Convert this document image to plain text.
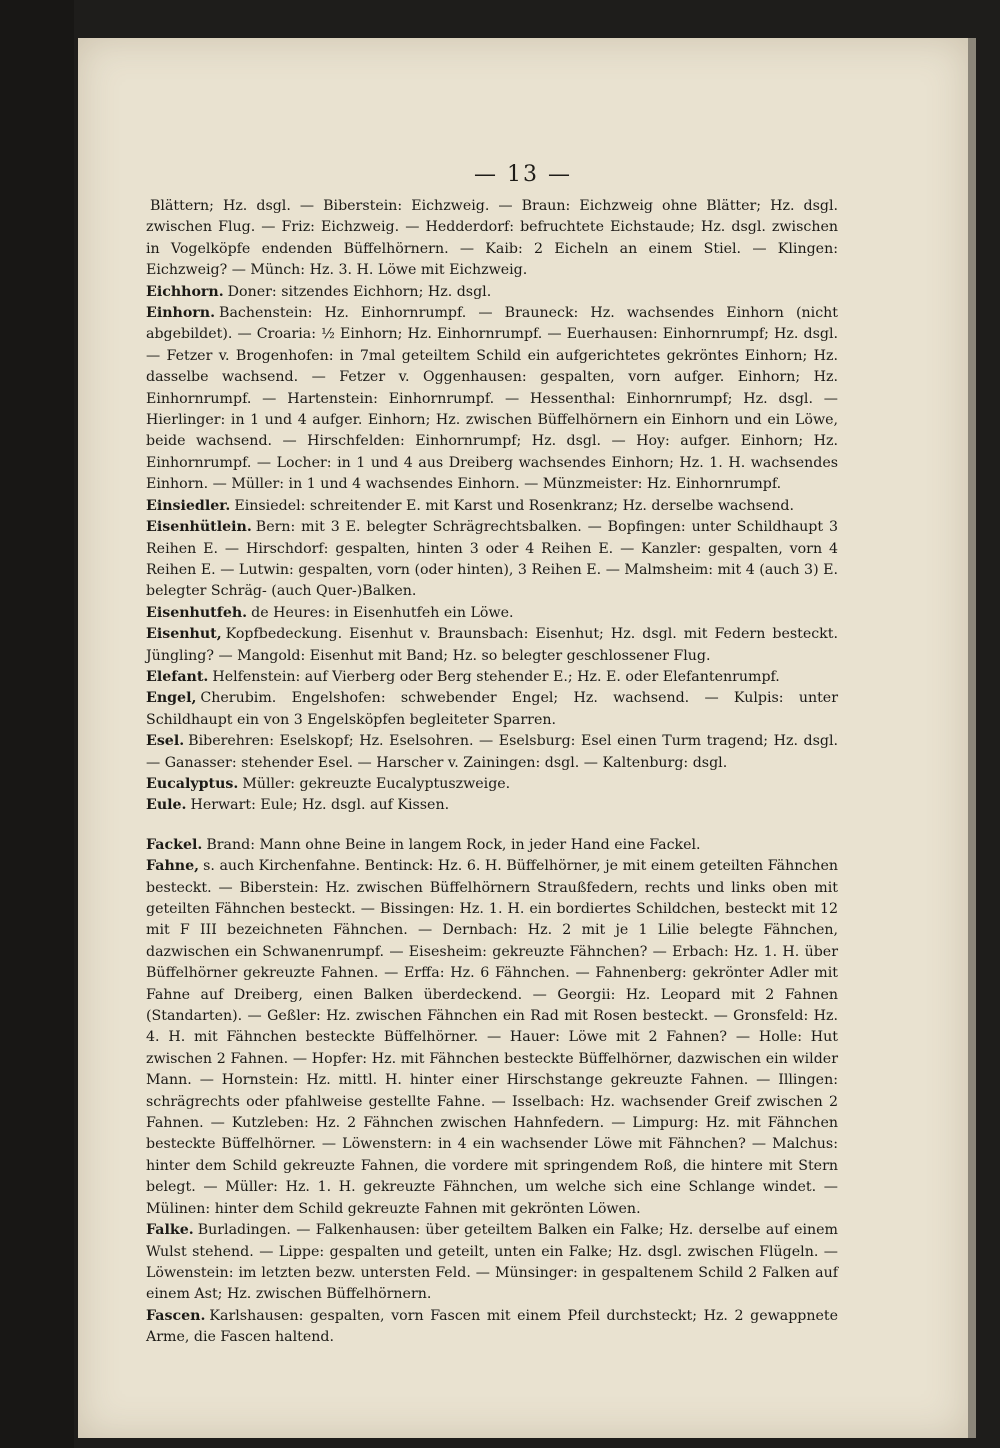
— 13 —

Blättern; Hz. dsgl. — Biberstein: Eichzweig. — Braun: Eichzweig ohne Blätter; Hz. dsgl. zwischen Flug. — Friz: Eichzweig. — Hedderdorf: befruchtete Eichstaude; Hz. dsgl. zwischen in Vogelköpfe endenden Büffelhörnern. — Kaib: 2 Eicheln an einem Stiel. — Klingen: Eichzweig? — Münch: Hz. 3. H. Löwe mit Eichzweig.

Eichhorn. Doner: sitzendes Eichhorn; Hz. dsgl.

Einhorn. Bachenstein: Hz. Einhornrumpf. — Brauneck: Hz. wachsendes Einhorn (nicht abgebildet). — Croaria: ½ Einhorn; Hz. Einhornrumpf. — Euerhausen: Einhornrumpf; Hz. dsgl. — Fetzer v. Brogenhofen: in 7mal geteiltem Schild ein aufgerichtetes gekröntes Einhorn; Hz. dasselbe wachsend. — Fetzer v. Oggenhausen: gespalten, vorn aufger. Einhorn; Hz. Einhornrumpf. — Hartenstein: Einhornrumpf. — Hessenthal: Einhornrumpf; Hz. dsgl. — Hierlinger: in 1 und 4 aufger. Einhorn; Hz. zwischen Büffelhörnern ein Einhorn und ein Löwe, beide wachsend. — Hirschfelden: Einhornrumpf; Hz. dsgl. — Hoy: aufger. Einhorn; Hz. Einhornrumpf. — Locher: in 1 und 4 aus Dreiberg wachsendes Einhorn; Hz. 1. H. wachsendes Einhorn. — Müller: in 1 und 4 wachsendes Einhorn. — Münzmeister: Hz. Einhornrumpf.

Einsiedler. Einsiedel: schreitender E. mit Karst und Rosenkranz; Hz. derselbe wachsend.

Eisenhütlein. Bern: mit 3 E. belegter Schrägrechtsbalken. — Bopfingen: unter Schildhaupt 3 Reihen E. — Hirschdorf: gespalten, hinten 3 oder 4 Reihen E. — Kanzler: gespalten, vorn 4 Reihen E. — Lutwin: gespalten, vorn (oder hinten), 3 Reihen E. — Malmsheim: mit 4 (auch 3) E. belegter Schräg- (auch Quer-)Balken.

Eisenhutfeh. de Heures: in Eisenhutfeh ein Löwe.

Eisenhut, Kopfbedeckung. Eisenhut v. Braunsbach: Eisenhut; Hz. dsgl. mit Federn besteckt. Jüngling? — Mangold: Eisenhut mit Band; Hz. so belegter geschlossener Flug.

Elefant. Helfenstein: auf Vierberg oder Berg stehender E.; Hz. E. oder Elefantenrumpf.

Engel, Cherubim. Engelshofen: schwebender Engel; Hz. wachsend. — Kulpis: unter Schildhaupt ein von 3 Engelsköpfen begleiteter Sparren.

Esel. Biberehren: Eselskopf; Hz. Eselsohren. — Eselsburg: Esel einen Turm tragend; Hz. dsgl. — Ganasser: stehender Esel. — Harscher v. Zainingen: dsgl. — Kaltenburg: dsgl.

Eucalyptus. Müller: gekreuzte Eucalyptuszweige.

Eule. Herwart: Eule; Hz. dsgl. auf Kissen.

Fackel. Brand: Mann ohne Beine in langem Rock, in jeder Hand eine Fackel.

Fahne, s. auch Kirchenfahne. Bentinck: Hz. 6. H. Büffelhörner, je mit einem geteilten Fähnchen besteckt. — Biberstein: Hz. zwischen Büffelhörnern Straußfedern, rechts und links oben mit geteilten Fähnchen besteckt. — Bissingen: Hz. 1. H. ein bordiertes Schildchen, besteckt mit 12 mit F III bezeichneten Fähnchen. — Dernbach: Hz. 2 mit je 1 Lilie belegte Fähnchen, dazwischen ein Schwanenrumpf. — Eisesheim: gekreuzte Fähnchen? — Erbach: Hz. 1. H. über Büffelhörner gekreuzte Fahnen. — Erffa: Hz. 6 Fähnchen. — Fahnenberg: gekrönter Adler mit Fahne auf Dreiberg, einen Balken überdeckend. — Georgii: Hz. Leopard mit 2 Fahnen (Standarten). — Geßler: Hz. zwischen Fähnchen ein Rad mit Rosen besteckt. — Gronsfeld: Hz. 4. H. mit Fähnchen besteckte Büffelhörner. — Hauer: Löwe mit 2 Fahnen? — Holle: Hut zwischen 2 Fahnen. — Hopfer: Hz. mit Fähnchen besteckte Büffelhörner, dazwischen ein wilder Mann. — Hornstein: Hz. mittl. H. hinter einer Hirschstange gekreuzte Fahnen. — Illingen: schrägrechts oder pfahlweise gestellte Fahne. — Isselbach: Hz. wachsender Greif zwischen 2 Fahnen. — Kutzleben: Hz. 2 Fähnchen zwischen Hahnfedern. — Limpurg: Hz. mit Fähnchen besteckte Büffelhörner. — Löwenstern: in 4 ein wachsender Löwe mit Fähnchen? — Malchus: hinter dem Schild gekreuzte Fahnen, die vordere mit springendem Roß, die hintere mit Stern belegt. — Müller: Hz. 1. H. gekreuzte Fähnchen, um welche sich eine Schlange windet. — Mülinen: hinter dem Schild gekreuzte Fahnen mit gekrönten Löwen.

Falke. Burladingen. — Falkenhausen: über geteiltem Balken ein Falke; Hz. derselbe auf einem Wulst stehend. — Lippe: gespalten und geteilt, unten ein Falke; Hz. dsgl. zwischen Flügeln. — Löwenstein: im letzten bezw. untersten Feld. — Münsinger: in gespaltenem Schild 2 Falken auf einem Ast; Hz. zwischen Büffelhörnern.

Fascen. Karlshausen: gespalten, vorn Fascen mit einem Pfeil durchsteckt; Hz. 2 gewappnete Arme, die Fascen haltend.
